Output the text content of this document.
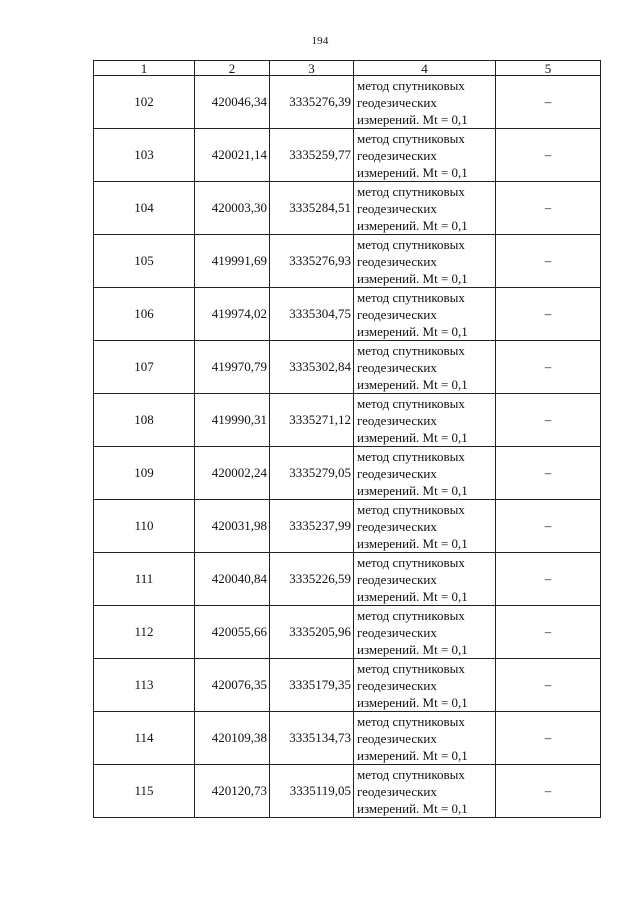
194
1	2	3	4	5
102	420046,34	3335276,39	метод спутниковых
геодезических
измерений. Mt = 0,1	–
103	420021,14	3335259,77	метод спутниковых
геодезических
измерений. Mt = 0,1	–
104	420003,30	3335284,51	метод спутниковых
геодезических
измерений. Mt = 0,1	–
105	419991,69	3335276,93	метод спутниковых
геодезических
измерений. Mt = 0,1	–
106	419974,02	3335304,75	метод спутниковых
геодезических
измерений. Mt = 0,1	–
107	419970,79	3335302,84	метод спутниковых
геодезических
измерений. Mt = 0,1	–
108	419990,31	3335271,12	метод спутниковых
геодезических
измерений. Mt = 0,1	–
109	420002,24	3335279,05	метод спутниковых
геодезических
измерений. Mt = 0,1	–
110	420031,98	3335237,99	метод спутниковых
геодезических
измерений. Mt = 0,1	–
111	420040,84	3335226,59	метод спутниковых
геодезических
измерений. Mt = 0,1	–
112	420055,66	3335205,96	метод спутниковых
геодезических
измерений. Mt = 0,1	–
113	420076,35	3335179,35	метод спутниковых
геодезических
измерений. Mt = 0,1	–
114	420109,38	3335134,73	метод спутниковых
геодезических
измерений. Mt = 0,1	–
115	420120,73	3335119,05	метод спутниковых
геодезических
измерений. Mt = 0,1	–
